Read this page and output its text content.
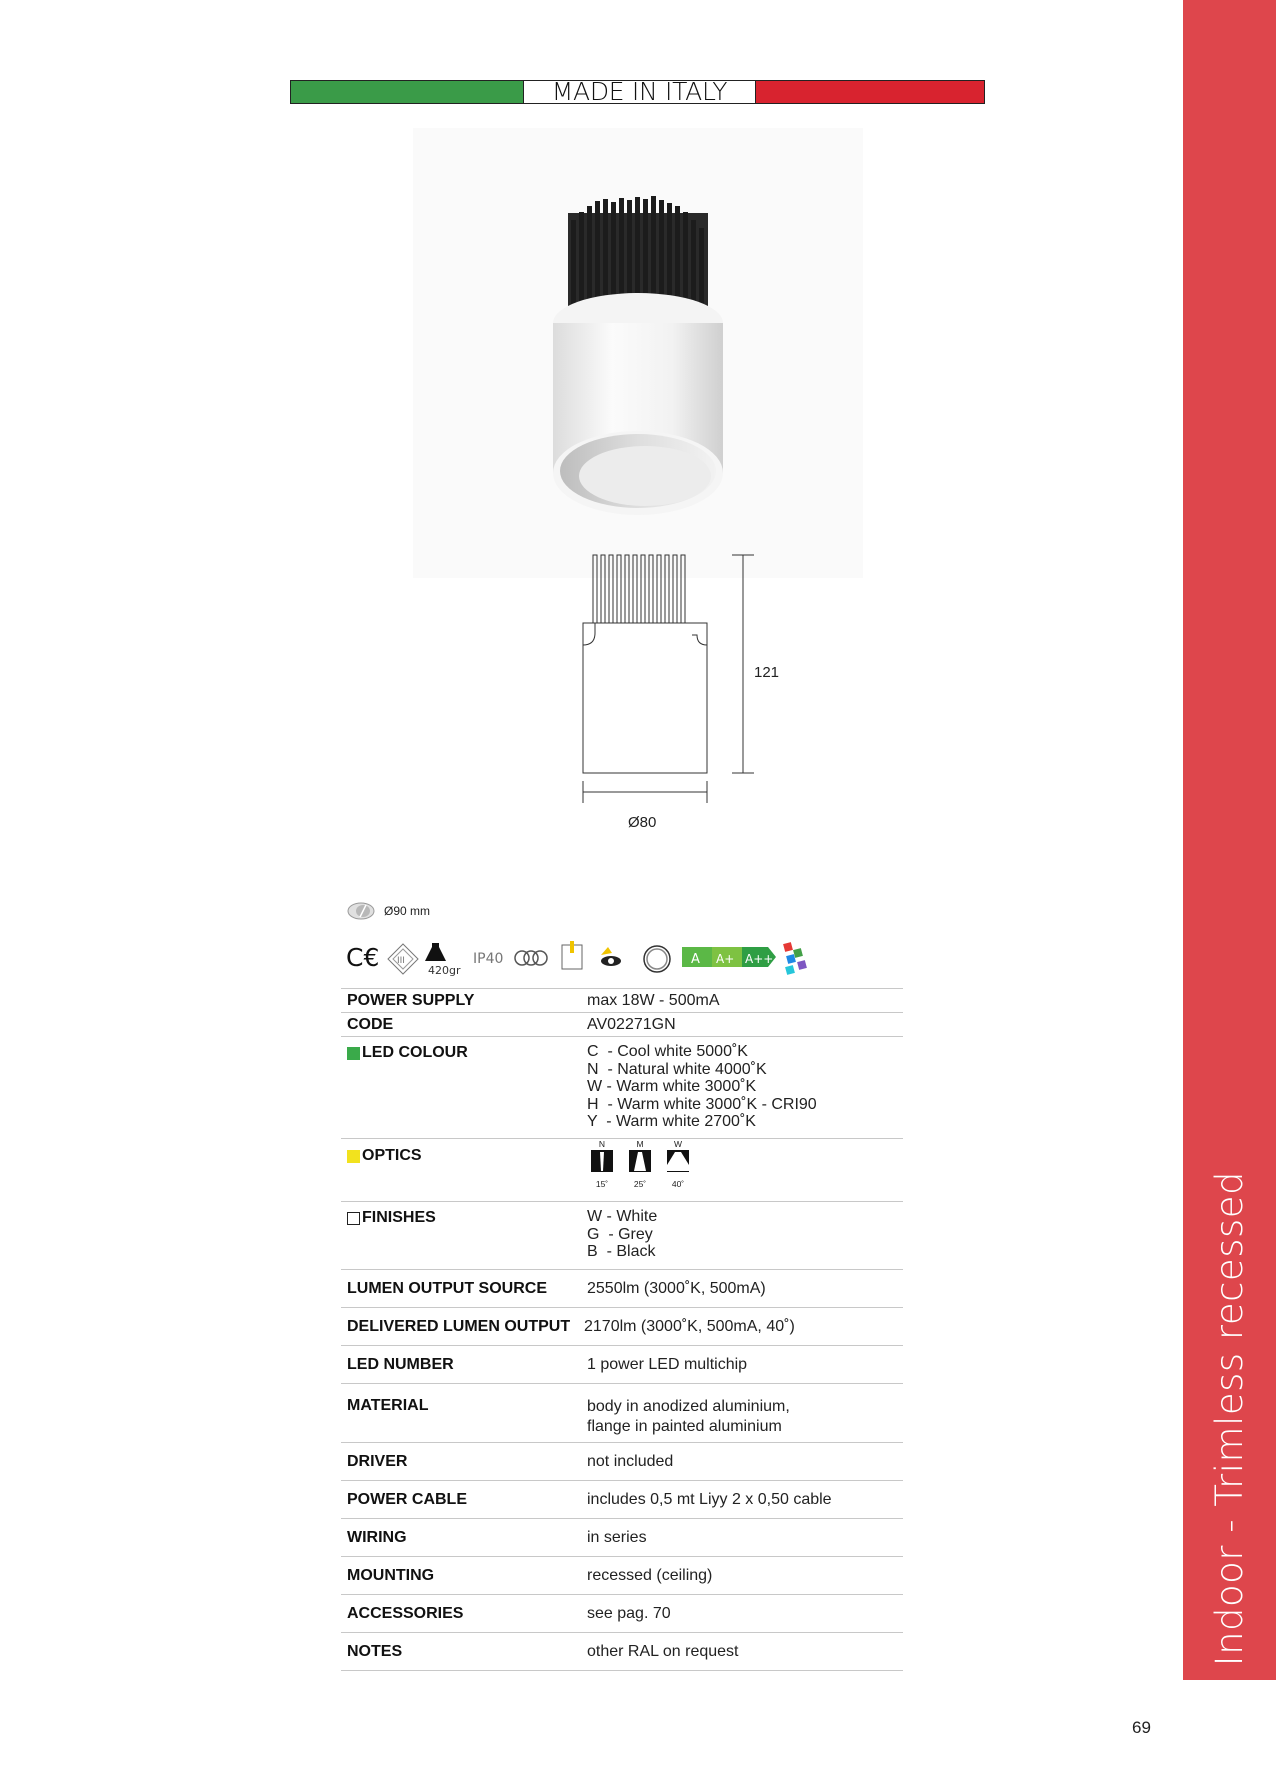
Indoor - Trimless recessed
MADE IN ITALY
121
Ø80
Ø90 mm
C€ III
420gr
IP40	A A+ A++
POWER SUPPLY	max 18W - 500mA
CODE	AV02271GN
LED COLOUR	C  - Cool white 5000˚K
N  - Natural white 4000˚K
W - Warm white 3000˚K
H  - Warm white 3000˚K - CRI90
Y  - Warm white 2700˚K
OPTICS
N
15˚
M
25˚
W
40˚
FINISHES	W - White
G  - Grey
B  - Black
LUMEN OUTPUT SOURCE	2550lm (3000˚K, 500mA)
DELIVERED LUMEN OUTPUT 2170lm (3000˚K, 500mA, 40˚)
LED NUMBER	1 power LED multichip
MATERIAL	body in anodized aluminium,
flange in painted aluminium
DRIVER	not included
POWER CABLE	includes 0,5 mt Liyy 2 x 0,50 cable
WIRING	in series
MOUNTING	recessed (ceiling)
ACCESSORIES	see pag. 70
NOTES	other RAL on request
69
